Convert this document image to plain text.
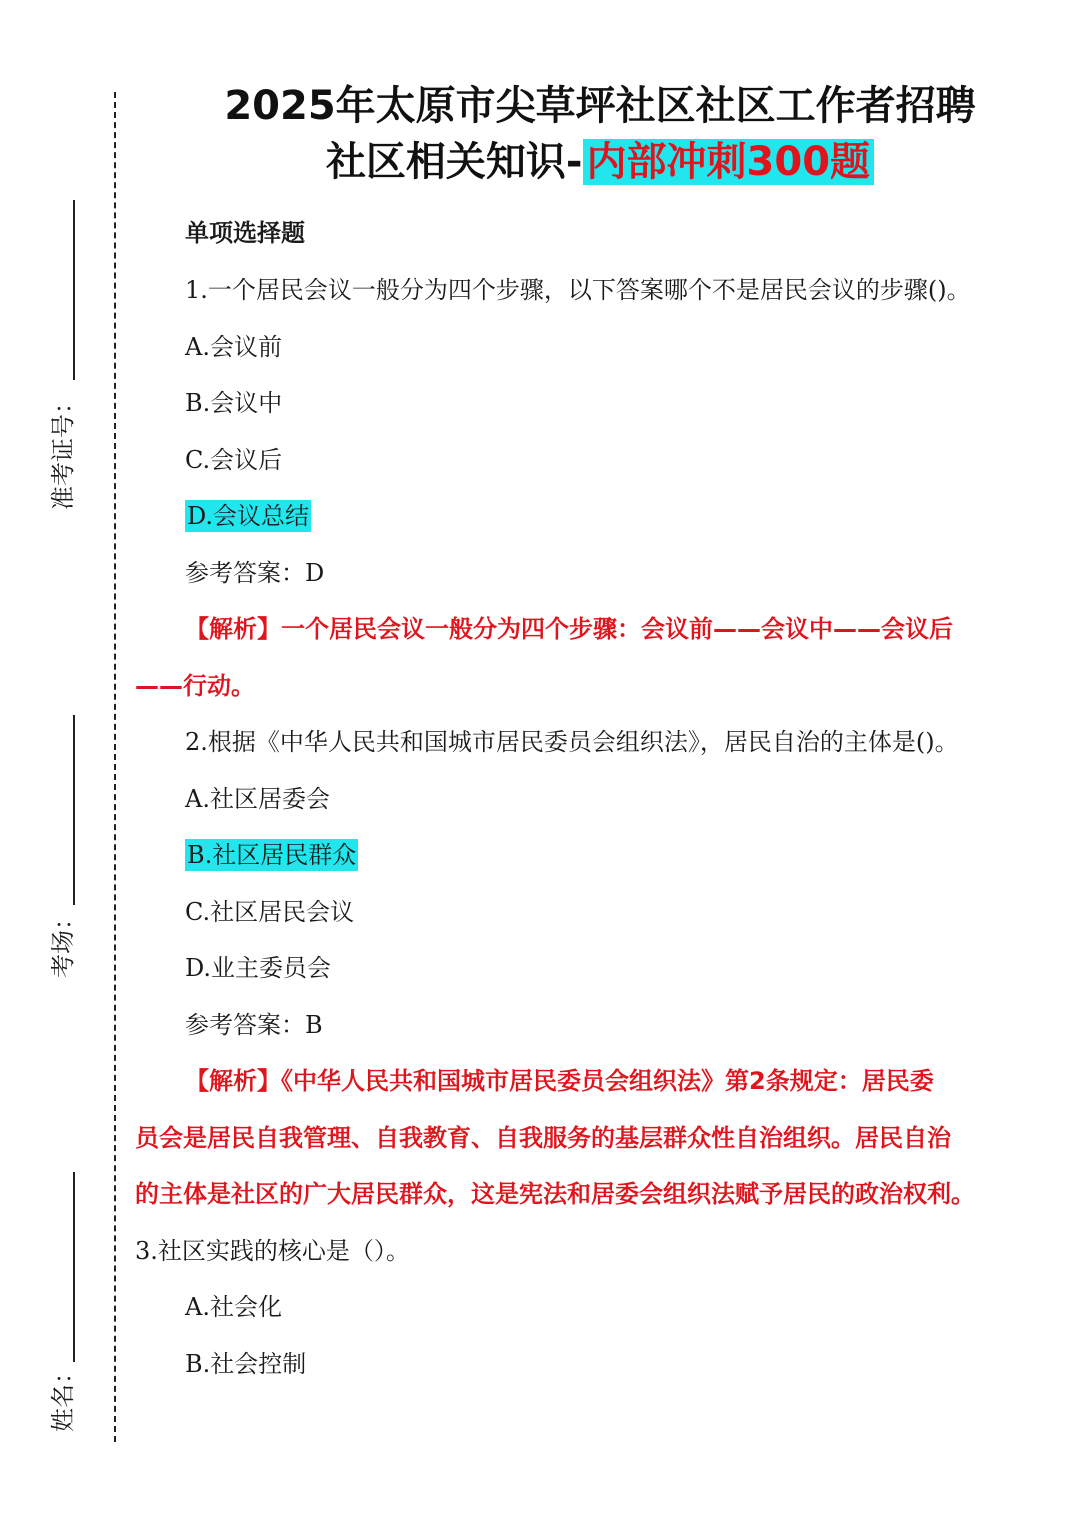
准考证号：
考场：
姓名：
2025年太原市尖草坪社区社区工作者招聘
社区相关知识- 内部冲刺300题
单项选择题
1.一个居民会议一般分为四个步骤，以下答案哪个不是居民会议的步骤()。
A.会议前
B.会议中
C.会议后
D.会议总结
参考答案：D
【解析】一个居民会议一般分为四个步骤：会议前——会议中——会议后
——行动。
2.根据《中华人民共和国城市居民委员会组织法》，居民自治的主体是()。
A.社区居委会
B.社区居民群众
C.社区居民会议
D.业主委员会
参考答案：B
【解析】《中华人民共和国城市居民委员会组织法》第2条规定：居民委
员会是居民自我管理、自我教育、自我服务的基层群众性自治组织。居民自治
的主体是社区的广大居民群众，这是宪法和居委会组织法赋予居民的政治权利。
3.社区实践的核心是（）。
A.社会化
B.社会控制
